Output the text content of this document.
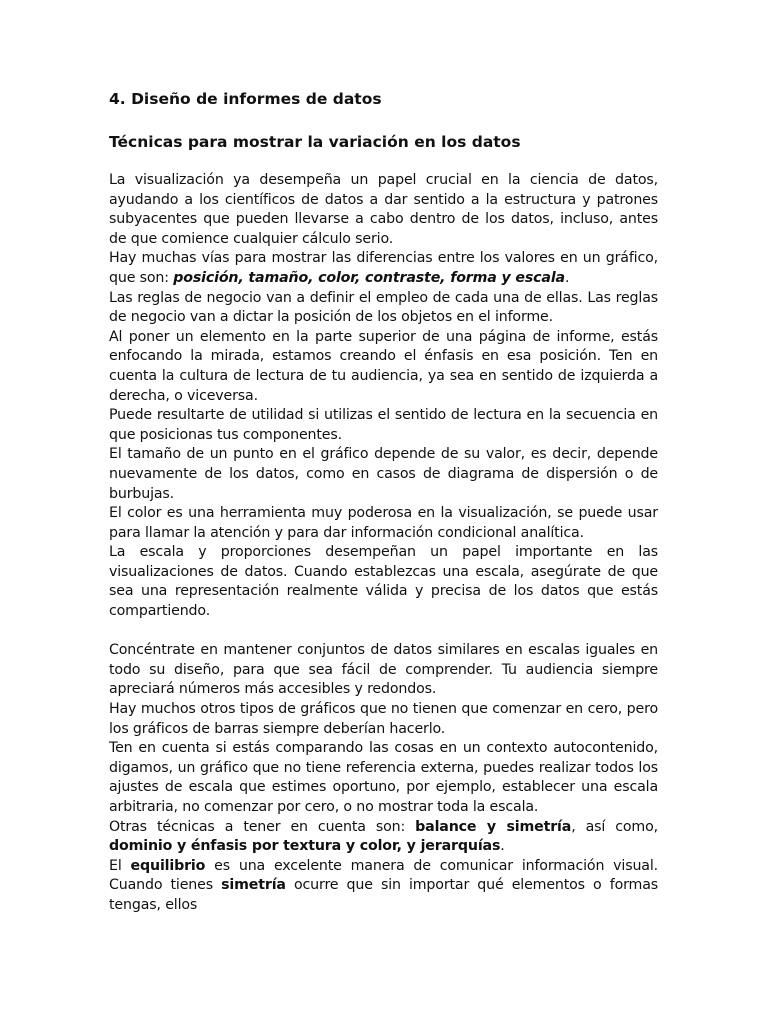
4. Diseño de informes de datos
Técnicas para mostrar la variación en los datos

La visualización ya desempeña un papel crucial en la ciencia de datos, ayudando a los científicos de datos a dar sentido a la estructura y patrones subyacentes que pueden llevarse a cabo dentro de los datos, incluso, antes de que comience cualquier cálculo serio.

Hay muchas vías para mostrar las diferencias entre los valores en un gráfico, que son: posición, tamaño, color, contraste, forma y escala.

Las reglas de negocio van a definir el empleo de cada una de ellas. Las reglas de negocio van a dictar la posición de los objetos en el informe.

Al poner un elemento en la parte superior de una página de informe, estás enfocando la mirada, estamos creando el énfasis en esa posición. Ten en cuenta la cultura de lectura de tu audiencia, ya sea en sentido de izquierda a derecha, o viceversa.

Puede resultarte de utilidad si utilizas el sentido de lectura en la secuencia en que posicionas tus componentes.

El tamaño de un punto en el gráfico depende de su valor, es decir, depende nuevamente de los datos, como en casos de diagrama de dispersión o de burbujas.

El color es una herramienta muy poderosa en la visualización, se puede usar para llamar la atención y para dar información condicional analítica.

La escala y proporciones desempeñan un papel importante en las visualizaciones de datos. Cuando establezcas una escala, asegúrate de que sea una representación realmente válida y precisa de los datos que estás compartiendo.

Concéntrate en mantener conjuntos de datos similares en escalas iguales en todo su diseño, para que sea fácil de comprender. Tu audiencia siempre apreciará números más accesibles y redondos.

Hay muchos otros tipos de gráficos que no tienen que comenzar en cero, pero los gráficos de barras siempre deberían hacerlo.

Ten en cuenta si estás comparando las cosas en un contexto autocontenido, digamos, un gráfico que no tiene referencia externa, puedes realizar todos los ajustes de escala que estimes oportuno, por ejemplo, establecer una escala arbitraria, no comenzar por cero, o no mostrar toda la escala.

Otras técnicas a tener en cuenta son: balance y simetría, así como, dominio y énfasis por textura y color, y jerarquías.

El equilibrio es una excelente manera de comunicar información visual. Cuando tienes simetría ocurre que sin importar qué elementos o formas tengas, ellos
